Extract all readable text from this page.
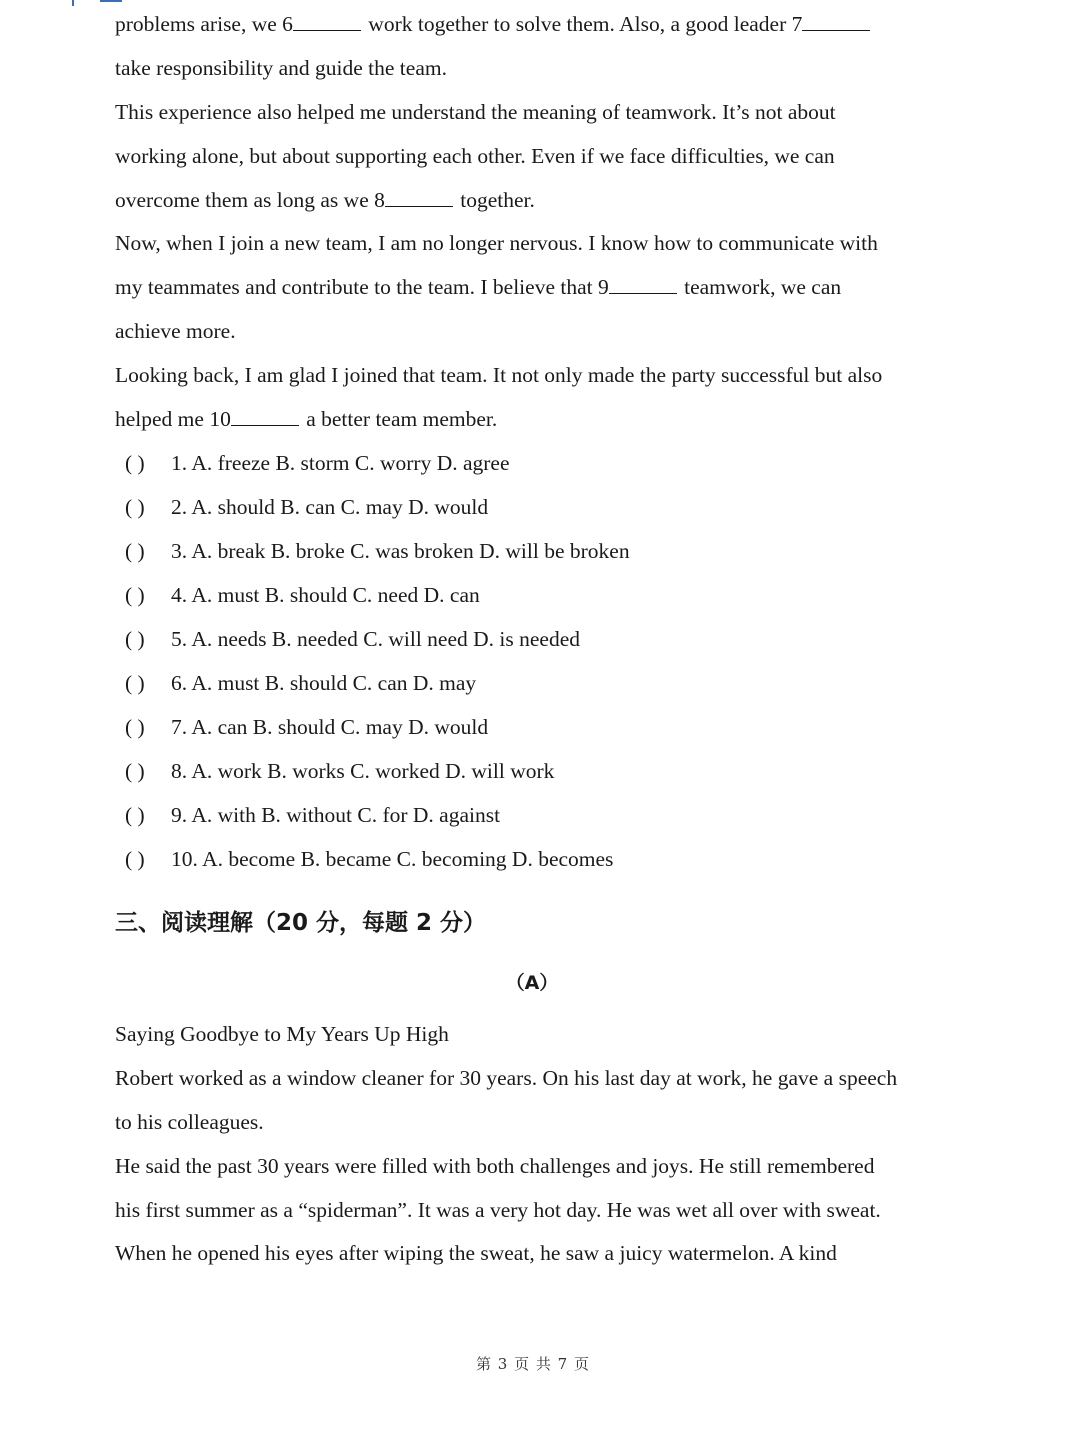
problems arise, we 6	work together to solve them. Also, a good leader 7
take responsibility and guide the team.
This experience also helped me understand the meaning of teamwork. It’s not about
working alone, but about supporting each other. Even if we face difficulties, we can
overcome them as long as we 8	together.
Now, when I join a new team, I am no longer nervous. I know how to communicate with
my teammates and contribute to the team. I believe that 9	teamwork, we can
achieve more.
Looking back, I am glad I joined that team. It not only made the party successful but also
helped me 10	a better team member.
( ) 1. A. freeze B. storm C. worry D. agree
( ) 2. A. should B. can C. may D. would
( ) 3. A. break B. broke C. was broken D. will be broken
( ) 4. A. must B. should C. need D. can
( ) 5. A. needs B. needed C. will need D. is needed
( ) 6. A. must B. should C. can D. may
( ) 7. A. can B. should C. may D. would
( ) 8. A. work B. works C. worked D. will work
( ) 9. A. with B. without C. for D. against
( ) 10. A. become B. became C. becoming D. becomes
三、阅读理解（20 分，每题 2 分）
（A）
Saying Goodbye to My Years Up High
Robert worked as a window cleaner for 30 years. On his last day at work, he gave a speech
to his colleagues.
He said the past 30 years were filled with both challenges and joys. He still remembered
his first summer as a “spiderman”. It was a very hot day. He was wet all over with sweat.
When he opened his eyes after wiping the sweat, he saw a juicy watermelon. A kind
第 3 页 共 7 页
